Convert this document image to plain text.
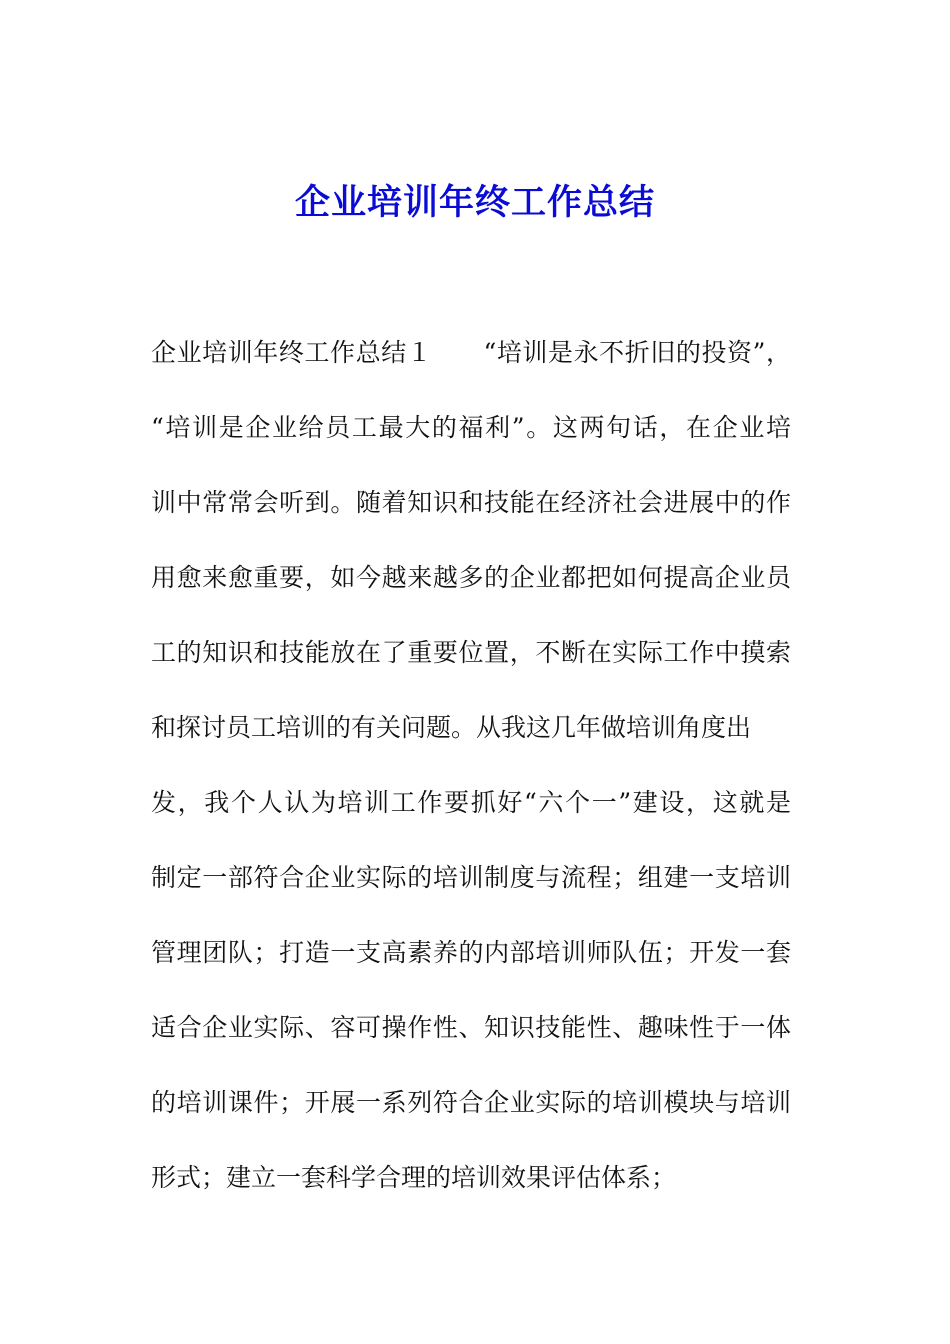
企业培训年终工作总结
企业培训年终工作总结１　　“培训是永不折旧的投资”，
“培训是企业给员工最大的福利”。这两句话，在企业培
训中常常会听到。随着知识和技能在经济社会进展中的作
用愈来愈重要，如今越来越多的企业都把如何提高企业员
工的知识和技能放在了重要位置，不断在实际工作中摸索
和探讨员工培训的有关问题。从我这几年做培训角度出
发，我个人认为培训工作要抓好“六个一”建设，这就是
制定一部符合企业实际的培训制度与流程；组建一支培训
管理团队；打造一支高素养的内部培训师队伍；开发一套
适合企业实际、容可操作性、知识技能性、趣味性于一体
的培训课件；开展一系列符合企业实际的培训模块与培训
形式；建立一套科学合理的培训效果评估体系；
